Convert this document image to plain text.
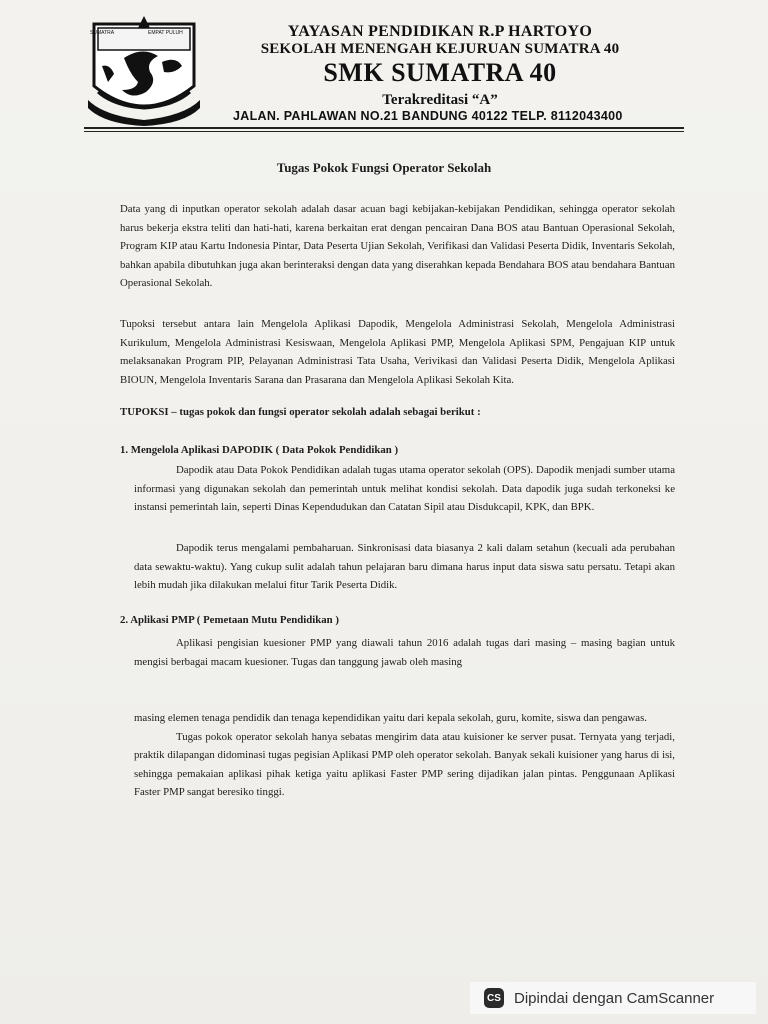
SUMATRA	EMPAT PULUH	YAYASAN PENDIDIKAN R.P HARTOYO
SEKOLAH MENENGAH KEJURUAN SUMATRA 40
SMK SUMATRA 40
Terakreditasi “A”
JALAN. PAHLAWAN NO.21 BANDUNG 40122 TELP. 8112043400
Tugas Pokok Fungsi Operator Sekolah

Data yang di inputkan operator sekolah adalah dasar acuan bagi kebijakan-kebijakan Pendidikan, sehingga operator sekolah harus bekerja ekstra teliti dan hati-hati, karena berkaitan erat dengan pencairan Dana BOS atau Bantuan Operasional Sekolah, Program KIP atau Kartu Indonesia Pintar, Data Peserta Ujian Sekolah, Verifikasi dan Validasi Peserta Didik, Inventaris Sekolah, bahkan apabila dibutuhkan juga akan berinteraksi dengan data yang diserahkan kepada Bendahara BOS atau bendahara Bantuan Operasional Sekolah.

Tupoksi tersebut antara lain Mengelola Aplikasi Dapodik, Mengelola Administrasi Sekolah, Mengelola Administrasi Kurikulum, Mengelola Administrasi Kesiswaan, Mengelola Aplikasi PMP, Mengelola Aplikasi SPM, Pengajuan KIP untuk melaksanakan Program PIP, Pelayanan Administrasi Tata Usaha, Verivikasi dan Validasi Peserta Didik, Mengelola Aplikasi BIOUN, Mengelola Inventaris Sarana dan Prasarana dan Mengelola Aplikasi Sekolah Kita.

TUPOKSI – tugas pokok dan fungsi operator sekolah adalah sebagai berikut :
1. Mengelola Aplikasi DAPODIK ( Data Pokok Pendidikan )

Dapodik atau Data Pokok Pendidikan adalah tugas utama operator sekolah (OPS). Dapodik menjadi sumber utama informasi yang digunakan sekolah dan pemerintah untuk melihat kondisi sekolah. Data dapodik juga sudah terkoneksi ke instansi pemerintah lain, seperti Dinas Kependudukan dan Catatan Sipil atau Disdukcapil, KPK, dan BPK.

Dapodik terus mengalami pembaharuan. Sinkronisasi data biasanya 2 kali dalam setahun (kecuali ada perubahan data sewaktu-waktu). Yang cukup sulit adalah tahun pelajaran baru dimana harus input data siswa satu persatu. Tetapi akan lebih mudah jika dilakukan melalui fitur Tarik Peserta Didik.

2. Aplikasi PMP ( Pemetaan Mutu Pendidikan )

Aplikasi pengisian kuesioner PMP yang diawali tahun 2016 adalah tugas dari masing – masing bagian untuk mengisi berbagai macam kuesioner. Tugas dan tanggung jawab oleh masing

masing elemen tenaga pendidik dan tenaga kependidikan yaitu dari kepala sekolah, guru, komite, siswa dan pengawas.
Tugas pokok operator sekolah hanya sebatas mengirim data atau kuisioner ke server pusat. Ternyata yang terjadi, praktik dilapangan didominasi tugas pegisian Aplikasi PMP oleh operator sekolah. Banyak sekali kuisioner yang harus di isi, sehingga pemakaian aplikasi pihak ketiga yaitu aplikasi Faster PMP sering dijadikan jalan pintas. Penggunaan Aplikasi Faster PMP sangat beresiko tinggi.
CS Dipindai dengan CamScanner
